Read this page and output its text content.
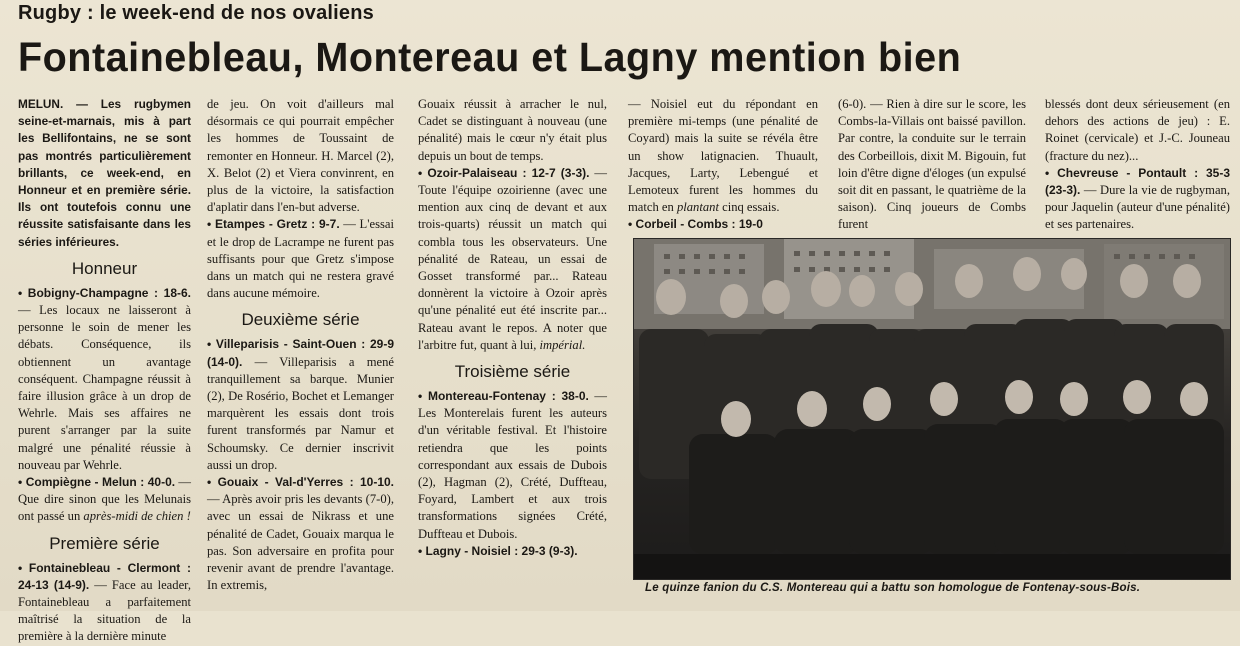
Rugby : le week-end de nos ovaliens
Fontainebleau, Montereau et Lagny mention bien

MELUN. — Les rugbymen seine-et-marnais, mis à part les Bellifontains, ne se sont pas montrés particulièrement brillants, ce week-end, en Honneur et en première série. Ils ont toutefois connu une réussite satisfaisante dans les séries inférieures.

Honneur

• Bobigny-Champagne : 18-6. — Les locaux ne laisseront à personne le soin de mener les débats. Conséquence, ils obtiennent un avantage conséquent. Champagne réussit à faire illusion grâce à un drop de Wehrle. Mais ses affaires ne purent s'arranger par la suite malgré une pénalité réussie à nouveau par Wehrle.

• Compiègne - Melun : 40-0. — Que dire sinon que les Melunais ont passé un après-midi de chien !

Première série

• Fontainebleau - Clermont : 24-13 (14-9). — Face au leader, Fontainebleau a parfaitement maîtrisé la situation de la première à la dernière minute

de jeu. On voit d'ailleurs mal désormais ce qui pourrait empêcher les hommes de Toussaint de remonter en Honneur. H. Marcel (2), X. Belot (2) et Viera convinrent, en plus de la victoire, la satisfaction d'aplatir dans l'en-but adverse.

• Etampes - Gretz : 9-7. — L'essai et le drop de Lacrampe ne furent pas suffisants pour que Gretz s'impose dans un match qui ne restera gravé dans aucune mémoire.

Deuxième série

• Villeparisis - Saint-Ouen : 29-9 (14-0). — Villeparisis a mené tranquillement sa barque. Munier (2), De Rosério, Bochet et Lemanger marquèrent les essais dont trois furent transformés par Namur et Schoumsky. Ce dernier inscrivit aussi un drop.

• Gouaix - Val-d'Yerres : 10-10. — Après avoir pris les devants (7-0), avec un essai de Nikrass et une pénalité de Cadet, Gouaix marqua le pas. Son adversaire en profita pour revenir avant de prendre l'avantage. In extremis,

Gouaix réussit à arracher le nul, Cadet se distinguant à nouveau (une pénalité) mais le cœur n'y était plus depuis un bout de temps.

• Ozoir-Palaiseau : 12-7 (3-3). — Toute l'équipe ozoirienne (avec une mention aux cinq de devant et aux trois-quarts) réussit un match qui combla tous les observateurs. Une pénalité de Rateau, un essai de Gosset transformé par... Rateau donnèrent la victoire à Ozoir après qu'une pénalité eut été inscrite par... Rateau avant le repos. A noter que l'arbitre fut, quant à lui, impérial.

Troisième série

• Montereau-Fontenay : 38-0. — Les Monterelais furent les auteurs d'un véritable festival. Et l'histoire retiendra que les points correspondant aux essais de Dubois (2), Hagman (2), Crété, Duffteau, Foyard, Lambert et aux trois transformations signées Crété, Duffteau et Dubois.

• Lagny - Noisiel : 29-3 (9-3).

— Noisiel eut du répondant en première mi-temps (une pénalité de Coyard) mais la suite se révéla être un show latignacien. Thuault, Jacques, Larty, Lebengué et Lemoteux furent les hommes du match en plantant cinq essais.

• Corbeil - Combs : 19-0

(6-0). — Rien à dire sur le score, les Combs-la-Villais ont baissé pavillon. Par contre, la conduite sur le terrain des Corbeillois, dixit M. Bigouin, fut loin d'être digne d'éloges (un expulsé soit dit en passant, le quatrième de la saison). Cinq joueurs de Combs furent

blessés dont deux sérieusement (en dehors des actions de jeu) : E. Roinet (cervicale) et J.-C. Jouneau (fracture du nez)...

• Chevreuse - Pontault : 35-3 (23-3). — Dure la vie de rugbyman, pour Jaquelin (auteur d'une pénalité) et ses partenaires.

Le quinze fanion du C.S. Montereau qui a battu son homologue de Fontenay-sous-Bois.
